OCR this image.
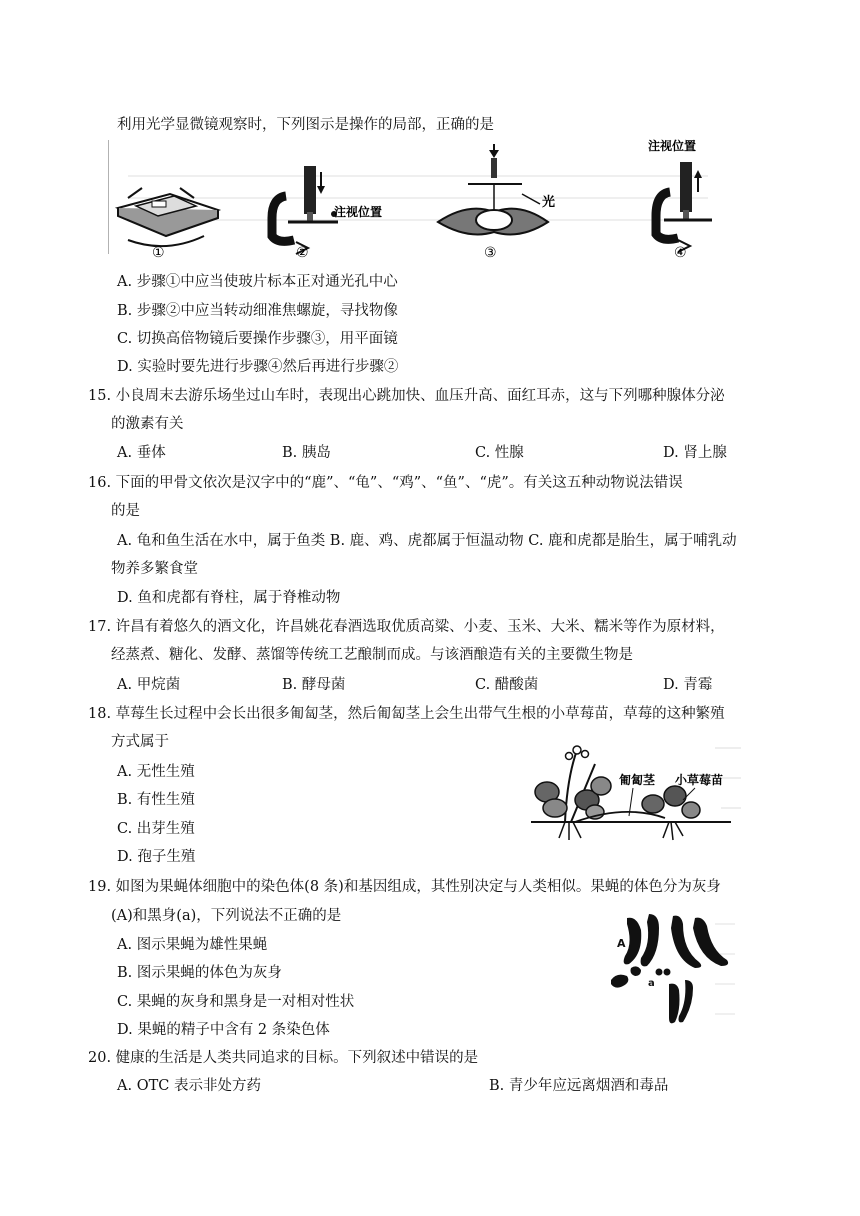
利用光学显微镜观察时，下列图示是操作的局部，正确的是
①
注视位置
②
光
③
注视位置
④
A. 步骤①中应当使玻片标本正对通光孔中心
B. 步骤②中应当转动细准焦螺旋，寻找物像
C. 切换高倍物镜后要操作步骤③，用平面镜
D. 实验时要先进行步骤④然后再进行步骤②
15. 小良周末去游乐场坐过山车时，表现出心跳加快、血压升高、面红耳赤，这与下列哪种腺体分泌
的激素有关
A. 垂体	B. 胰岛	C. 性腺	D. 肾上腺
16. 下面的甲骨文依次是汉字中的“鹿”、“龟”、“鸡”、“鱼”、“虎”。有关这五种动物说法错误
的是
A. 龟和鱼生活在水中，属于鱼类 B. 鹿、鸡、虎都属于恒温动物 C. 鹿和虎都是胎生，属于哺乳动
物养多繁食堂
D. 鱼和虎都有脊柱，属于脊椎动物
17. 许昌有着悠久的酒文化，许昌姚花春酒选取优质高粱、小麦、玉米、大米、糯米等作为原材料，
经蒸煮、糖化、发酵、蒸馏等传统工艺酿制而成。与该酒酿造有关的主要微生物是
A. 甲烷菌	B. 酵母菌	C. 醋酸菌	D. 青霉
18. 草莓生长过程中会长出很多匍匐茎，然后匍匐茎上会生出带气生根的小草莓苗，草莓的这种繁殖
方式属于
A. 无性生殖
B. 有性生殖
C. 出芽生殖
D. 孢子生殖
匍匐茎 小草莓苗
19. 如图为果蝇体细胞中的染色体(8 条)和基因组成，其性别决定与人类相似。果蝇的体色分为灰身
(A)和黑身(a)，下列说法不正确的是
A. 图示果蝇为雄性果蝇
B. 图示果蝇的体色为灰身
C. 果蝇的灰身和黑身是一对相对性状
D. 果蝇的精子中含有 2 条染色体
A
a
20. 健康的生活是人类共同追求的目标。下列叙述中错误的是
A. OTC 表示非处方药	B. 青少年应远离烟酒和毒品
